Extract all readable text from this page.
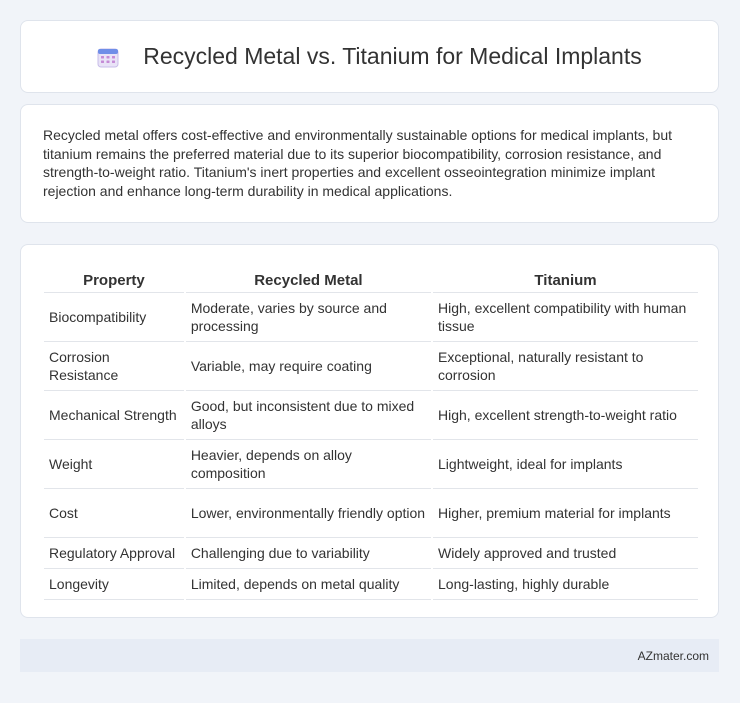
Recycled Metal vs. Titanium for Medical Implants

Recycled metal offers cost-effective and environmentally sustainable options for medical implants, but titanium remains the preferred material due to its superior biocompatibility, corrosion resistance, and strength-to-weight ratio. Titanium's inert properties and excellent osseointegration minimize implant rejection and enhance long-term durability in medical applications.

Property	Recycled Metal	Titanium
Biocompatibility	Moderate, varies by source and processing	High, excellent compatibility with human tissue
Corrosion Resistance	Variable, may require coating	Exceptional, naturally resistant to corrosion
Mechanical Strength	Good, but inconsistent due to mixed alloys	High, excellent strength-to-weight ratio
Weight	Heavier, depends on alloy composition	Lightweight, ideal for implants
Cost	Lower, environmentally friendly option	Higher, premium material for implants
Regulatory Approval	Challenging due to variability	Widely approved and trusted
Longevity	Limited, depends on metal quality	Long-lasting, highly durable
AZmater.com
